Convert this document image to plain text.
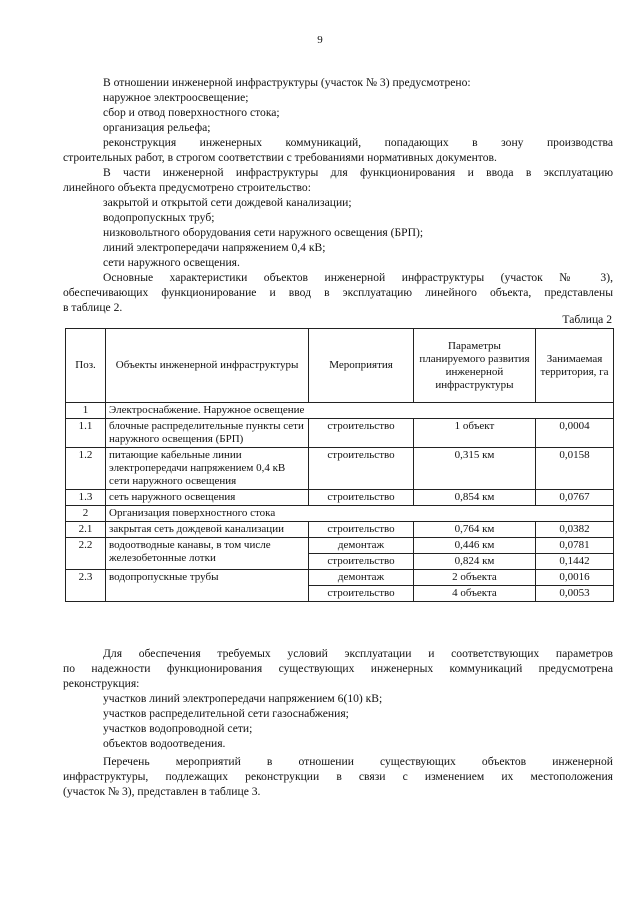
9
В отношении инженерной инфраструктуры (участок № 3) предусмотрено:
наружное электроосвещение;
сбор и отвод поверхностного стока;
организация рельефа;
реконструкция инженерных коммуникаций, попадающих в зону производства
строительных работ, в строгом соответствии с требованиями нормативных документов.
В части инженерной инфраструктуры для функционирования и ввода в эксплуатацию
линейного объекта предусмотрено строительство:
закрытой и открытой сети дождевой канализации;
водопропускных труб;
низковольтного оборудования сети наружного освещения (БРП);
линий электропередачи напряжением 0,4 кВ;
сети наружного освещения.
Основные характеристики объектов инженерной инфраструктуры (участок № 3),
обеспечивающих функционирование и ввод в эксплуатацию линейного объекта, представлены
в таблице 2.
Таблица 2
Поз.	Объекты инженерной инфраструктуры	Мероприятия	Параметры планируемого развития инженерной инфраструктуры	Занимаемая территория, га
1	Электроснабжение. Наружное освещение			
1.1	блочные распределительные пункты сети наружного освещения (БРП)	строительство	1 объект	0,0004
1.2	питающие кабельные линии электропередачи напряжением 0,4 кВ сети наружного освещения	строительство	0,315 км	0,0158
1.3	сеть наружного освещения	строительство	0,854 км	0,0767
2	Организация поверхностного стока			
2.1	закрытая сеть дождевой канализации	строительство	0,764 км	0,0382
2.2	водоотводные канавы, в том числе железобетонные лотки	демонтаж	0,446 км	0,0781
		строительство	0,824 км	0,1442
2.3	водопропускные трубы	демонтаж	2 объекта	0,0016
		строительство	4 объекта	0,0053
Для обеспечения требуемых условий эксплуатации и соответствующих параметров
по надежности функционирования существующих инженерных коммуникаций предусмотрена
реконструкция:
участков линий электропередачи напряжением 6(10) кВ;
участков распределительной сети газоснабжения;
участков водопроводной сети;
объектов водоотведения.
Перечень мероприятий в отношении существующих объектов инженерной
инфраструктуры, подлежащих реконструкции в связи с изменением их местоположения
(участок № 3), представлен в таблице 3.
